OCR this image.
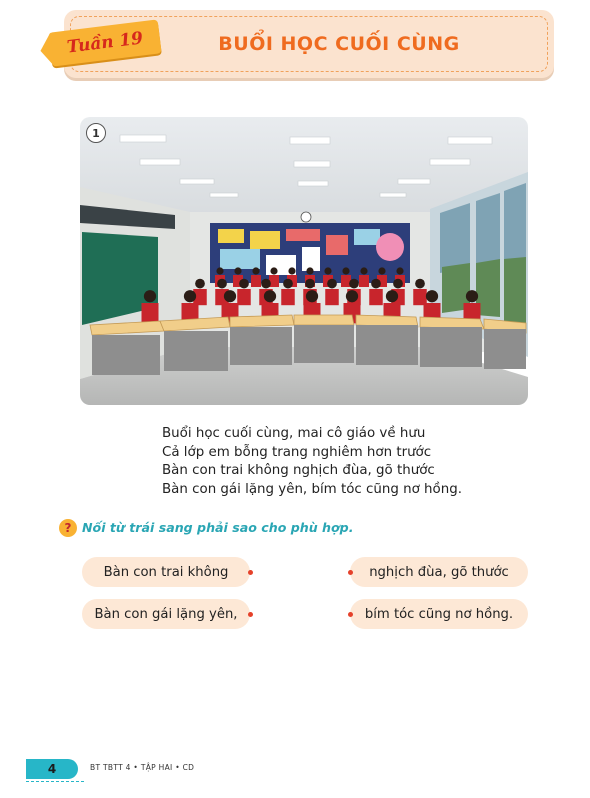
BUỔI HỌC CUỐI CÙNG
Tuần 19
1
Buổi học cuối cùng, mai cô giáo về hưu
Cả lớp em bỗng trang nghiêm hơn trước
Bàn con trai không nghịch đùa, gõ thước
Bàn con gái lặng yên, bím tóc cũng nơ hồng.
? Nối từ trái sang phải sao cho phù hợp.
Bàn con trai không
Bàn con gái lặng yên,
nghịch đùa, gõ thước
bím tóc cũng nơ hồng.
4	BT TBTT 4 • TẬP HAI • CD
